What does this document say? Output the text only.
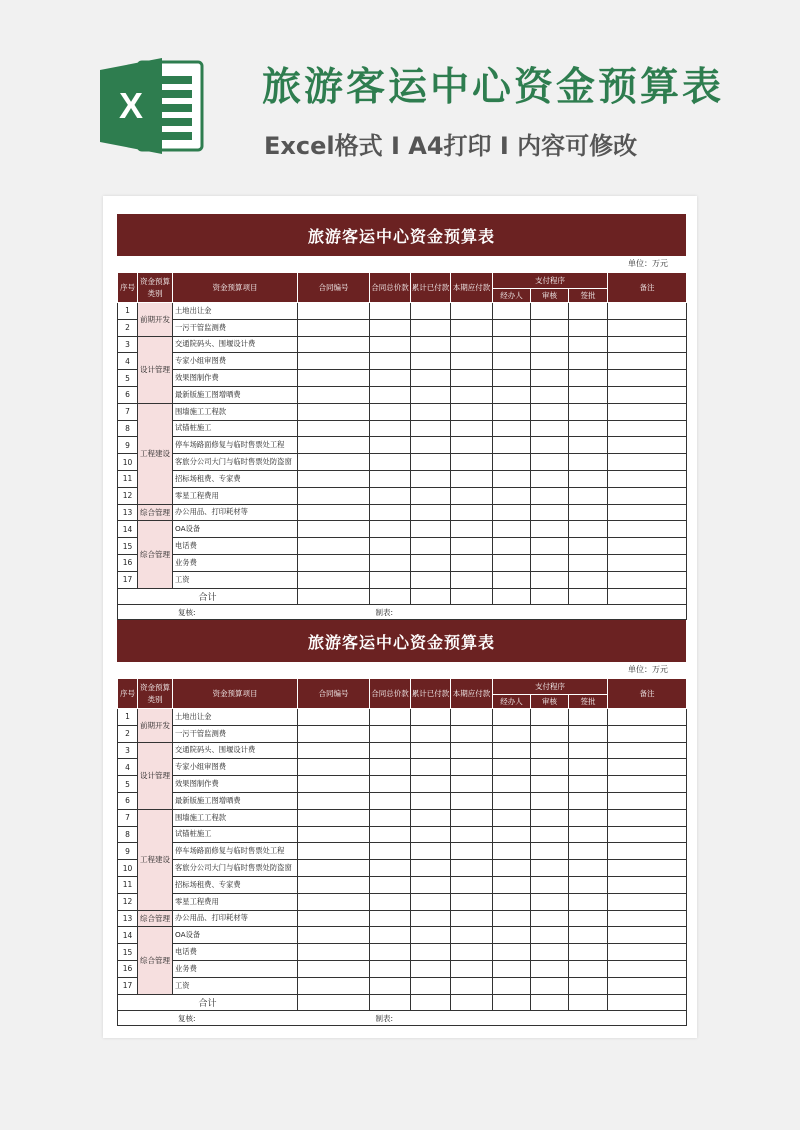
X	旅游客运中心资金预算表
Excel格式 I A4打印 I 内容可修改
旅游客运中心资金预算表
单位：万元
序号	资金预算类别	资金预算项目	合同编号	合同总价款	累计已付款	本期应付款	支付程序			备注
							经办人	审核	签批	
1	前期开发	土地出让金								
2		一污干管监测费								
3	设计管理	交通院码头、围堰设计费								
4		专家小组审图费								
5		效果图制作费								
6		最新版施工图增晒费								
7	工程建设	围墙施工工程款								
8		试锚桩施工								
9		停车场路面修复与临时售票处工程								
10		客旅分公司大门与临时售票处防盗窗								
11		招标场租费、专家费								
12		零星工程费用								
13	综合管理	办公用品、打印耗材等								
14	综合管理	OA设备								
15		电话费								
16		业务费								
17		工资								
合计										
复核:			制表:							
旅游客运中心资金预算表
单位：万元
序号	资金预算类别	资金预算项目	合同编号	合同总价款	累计已付款	本期应付款	支付程序			备注
							经办人	审核	签批	
1	前期开发	土地出让金								
2		一污干管监测费								
3	设计管理	交通院码头、围堰设计费								
4		专家小组审图费								
5		效果图制作费								
6		最新版施工图增晒费								
7	工程建设	围墙施工工程款								
8		试锚桩施工								
9		停车场路面修复与临时售票处工程								
10		客旅分公司大门与临时售票处防盗窗								
11		招标场租费、专家费								
12		零星工程费用								
13	综合管理	办公用品、打印耗材等								
14	综合管理	OA设备								
15		电话费								
16		业务费								
17		工资								
合计										
复核:			制表:							
